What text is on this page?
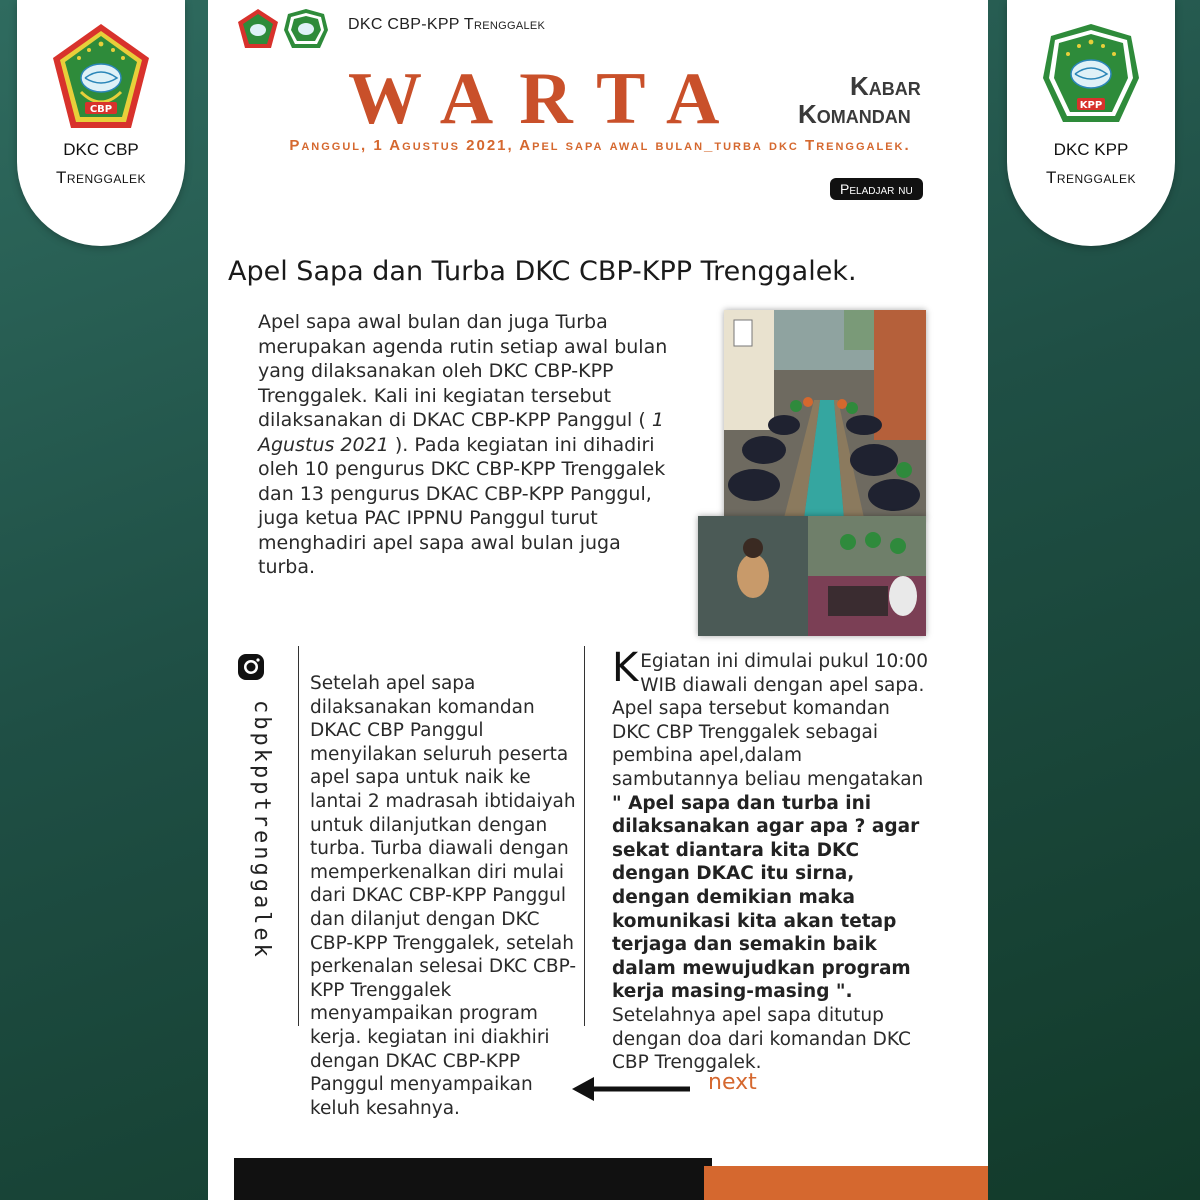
CBP
DKC CBP
Trenggalek
KPP
DKC KPP
Trenggalek
DKC CBP-KPP Trenggalek
WARTA	Kabar
Komandan
Panggul, 1 Agustus 2021, Apel sapa awal bulan_turba dkc Trenggalek.
Peladjar nu
Apel Sapa dan Turba DKC CBP-KPP Trenggalek.
Apel sapa awal bulan dan juga Turba merupakan agenda rutin setiap awal bulan yang dilaksanakan oleh DKC CBP-KPP Trenggalek. Kali ini kegiatan tersebut dilaksanakan di DKAC CBP-KPP Panggul ( 1 Agustus 2021 ). Pada kegiatan ini dihadiri oleh 10 pengurus DKC CBP-KPP Trenggalek dan 13 pengurus DKAC CBP-KPP Panggul, juga ketua PAC IPPNU Panggul turut menghadiri apel sapa awal bulan juga turba.
cbpkpptrenggalek
Setelah apel sapa dilaksanakan komandan DKAC CBP Panggul menyilakan seluruh peserta apel sapa untuk naik ke lantai 2 madrasah ibtidaiyah untuk dilanjutkan dengan turba. Turba diawali dengan memperkenalkan diri mulai dari DKAC CBP-KPP Panggul dan dilanjut dengan DKC CBP-KPP Trenggalek, setelah perkenalan selesai DKC CBP-KPP Trenggalek menyampaikan program kerja. kegiatan ini diakhiri dengan DKAC CBP-KPP Panggul menyampaikan keluh kesahnya.
K Egiatan ini dimulai pukul 10:00 WIB diawali dengan apel sapa. Apel sapa tersebut komandan DKC CBP Trenggalek sebagai pembina apel,dalam sambutannya beliau mengatakan " Apel sapa dan turba ini dilaksanakan agar apa ? agar sekat diantara kita DKC dengan DKAC itu sirna, dengan demikian maka komunikasi kita akan tetap terjaga dan semakin baik dalam mewujudkan program kerja masing-masing ". Setelahnya apel sapa ditutup dengan doa dari komandan DKC CBP Trenggalek.
next
